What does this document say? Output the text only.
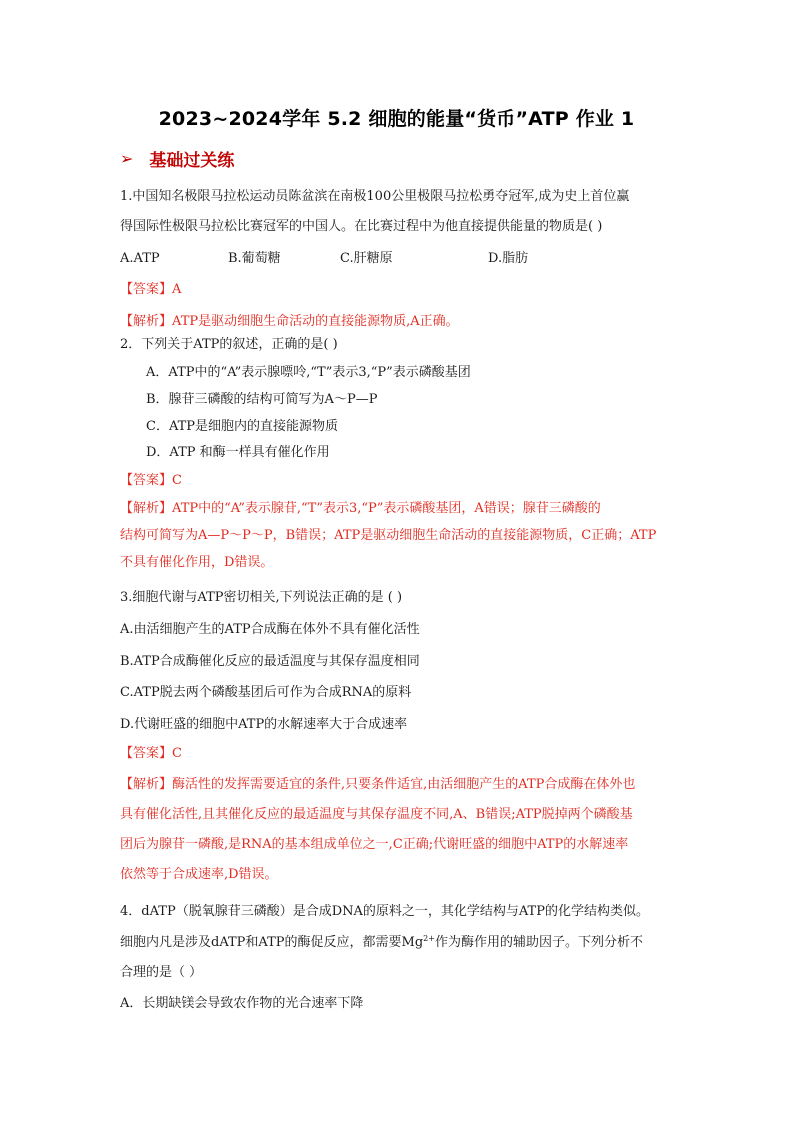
2023~2024学年 5.2 细胞的能量“货币”ATP 作业 1
➢ 基础过关练
1.中国知名极限马拉松运动员陈盆滨在南极100公里极限马拉松勇夺冠军,成为史上首位赢
得国际性极限马拉松比赛冠军的中国人。在比赛过程中为他直接提供能量的物质是( )
A.ATP	B.葡萄糖	C.肝糖原	D.脂肪
【答案】A
【解析】ATP是驱动细胞生命活动的直接能源物质,A正确。
2．下列关于ATP的叙述，正确的是( )
A．ATP中的“A”表示腺嘌呤,“T”表示3,“P”表示磷酸基团
B．腺苷三磷酸的结构可简写为A～P—P
C．ATP是细胞内的直接能源物质
D．ATP 和酶一样具有催化作用
【答案】C
【解析】ATP中的“A”表示腺苷,“T”表示3,“P”表示磷酸基团，A错误；腺苷三磷酸的
结构可简写为A—P～P～P，B错误；ATP是驱动细胞生命活动的直接能源物质，C正确；ATP
不具有催化作用，D错误。
3.细胞代谢与ATP密切相关,下列说法正确的是 ( )
A.由活细胞产生的ATP合成酶在体外不具有催化活性
B.ATP合成酶催化反应的最适温度与其保存温度相同
C.ATP脱去两个磷酸基团后可作为合成RNA的原料
D.代谢旺盛的细胞中ATP的水解速率大于合成速率
【答案】C
【解析】酶活性的发挥需要适宜的条件,只要条件适宜,由活细胞产生的ATP合成酶在体外也
具有催化活性,且其催化反应的最适温度与其保存温度不同,A、B错误;ATP脱掉两个磷酸基
团后为腺苷一磷酸,是RNA的基本组成单位之一,C正确;代谢旺盛的细胞中ATP的水解速率
依然等于合成速率,D错误。
4．dATP（脱氧腺苷三磷酸）是合成DNA的原料之一，其化学结构与ATP的化学结构类似。
细胞内凡是涉及dATP和ATP的酶促反应，都需要$Mg^{2+}$作为酶作用的辅助因子。下列分析不
合理的是（ ）
A．长期缺镁会导致农作物的光合速率下降
